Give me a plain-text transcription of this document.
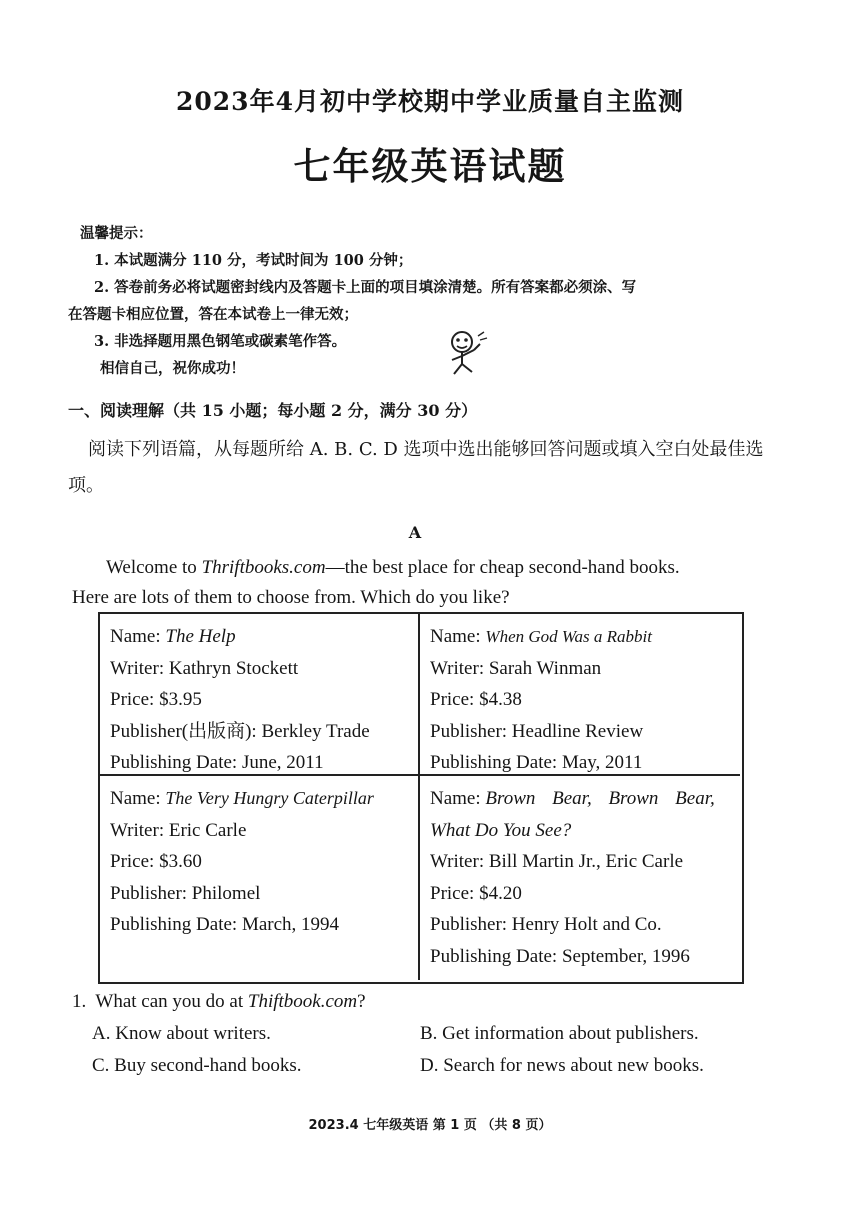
2023年4月初中学校期中学业质量自主监测
七年级英语试题
温馨提示：
1. 本试题满分 110 分，考试时间为 100 分钟；
2. 答卷前务必将试题密封线内及答题卡上面的项目填涂清楚。所有答案都必须涂、写
在答题卡相应位置，答在本试卷上一律无效；
3. 非选择题用黑色钢笔或碳素笔作答。
相信自己，祝你成功！
一、阅读理解（共 15 小题；每小题 2 分，满分 30 分）
阅读下列语篇，从每题所给 A. B. C. D 选项中选出能够回答问题或填入空白处最佳选项。
A
Welcome to Thriftbooks.com—the best place for cheap second-hand books.
Here are lots of them to choose from. Which do you like?
Name: The Help
Writer: Kathryn Stockett
Price: $3.95
Publisher(出版商): Berkley Trade
Publishing Date: June, 2011
Name: When God Was a Rabbit
Writer: Sarah Winman
Price: $4.38
Publisher: Headline Review
Publishing Date: May, 2011
Name: The Very Hungry Caterpillar
Writer: Eric Carle
Price: $3.60
Publisher: Philomel
Publishing Date: March, 1994
Name: Brown Bear, Brown Bear,
What Do You See?
Writer: Bill Martin Jr., Eric Carle
Price: $4.20
Publisher: Henry Holt and Co.
Publishing Date: September, 1996
1.  What can you do at Thiftbook.com?
A. Know about writers.	B. Get information about publishers.
C. Buy second-hand books.	D. Search for news about new books.
2023.4 七年级英语 第 1 页 （共 8 页）
